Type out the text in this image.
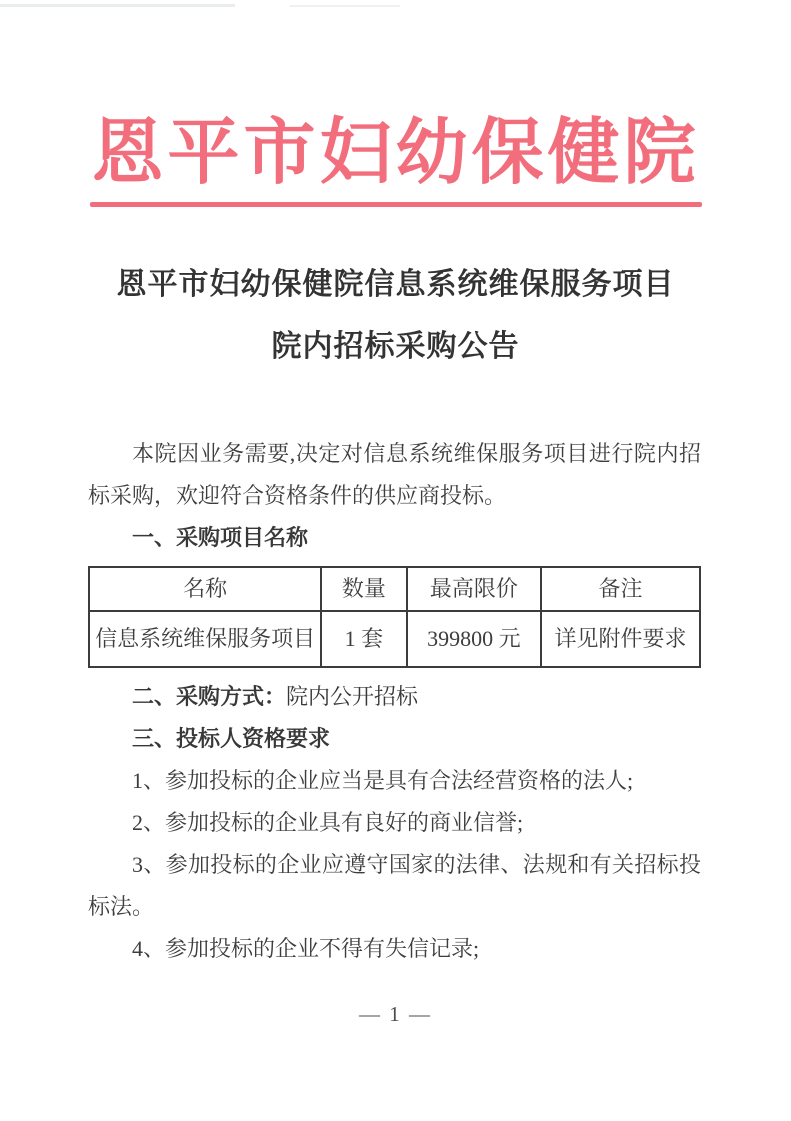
恩平市妇幼保健院
恩平市妇幼保健院信息系统维保服务项目
院内招标采购公告

本院因业务需要,决定对信息系统维保服务项目进行院内招标采购，欢迎符合资格条件的供应商投标。

一、采购项目名称

名称	数量	最高限价	备注
信息系统维保服务项目	1 套	399800 元	详见附件要求

二、采购方式：院内公开招标

三、投标人资格要求

1、参加投标的企业应当是具有合法经营资格的法人;

2、参加投标的企业具有良好的商业信誉;

3、参加投标的企业应遵守国家的法律、法规和有关招标投标法。

4、参加投标的企业不得有失信记录;

— 1 —
